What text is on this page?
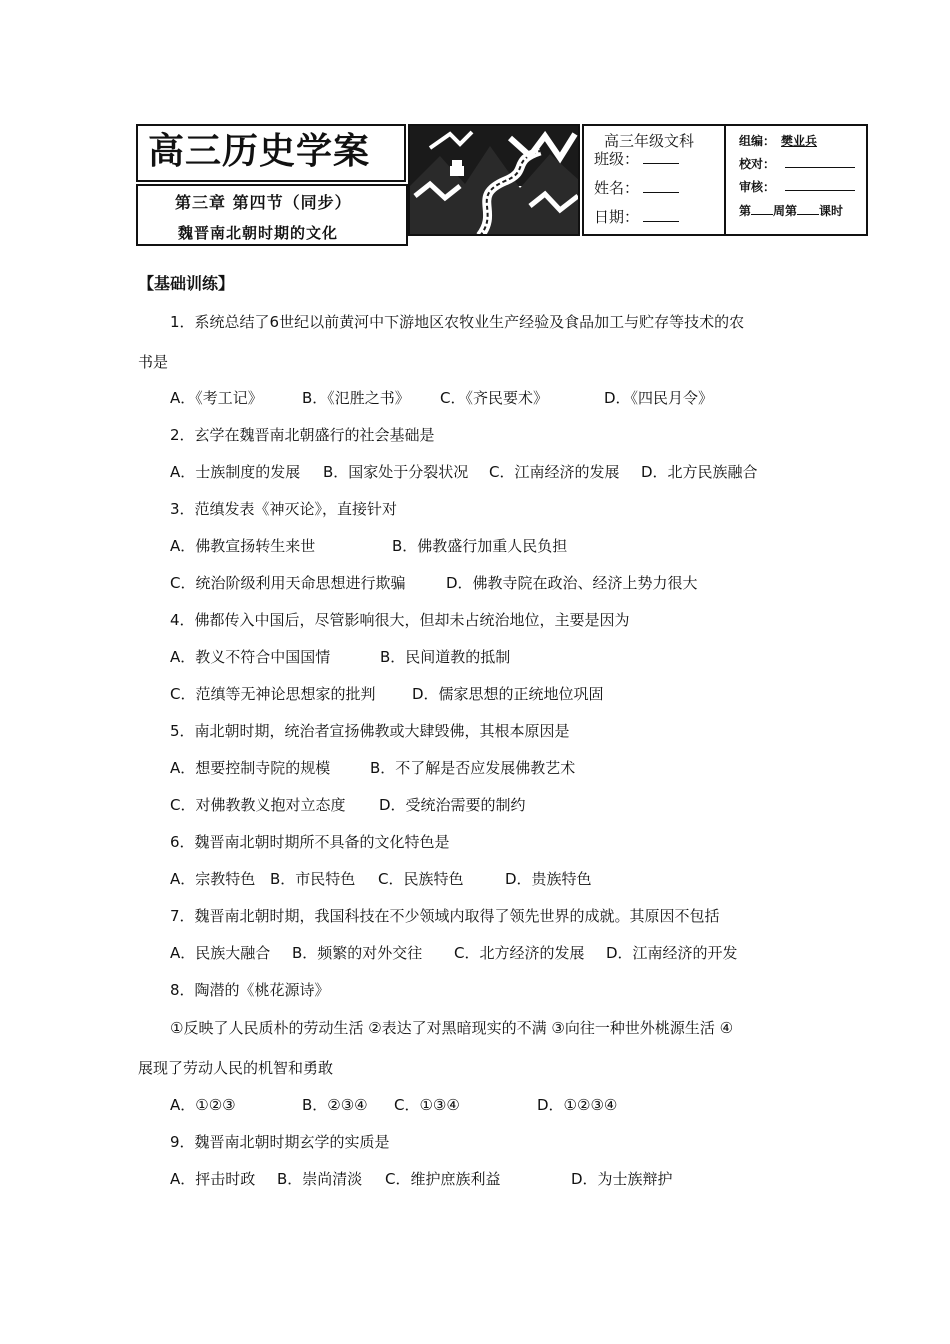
高三历史学案
第三章 第四节（同步）
魏晋南北朝时期的文化
高三年级文科
班级：
姓名：
日期：
组编： 樊业兵
校对：
审核：
第 周第 课时
【基础训练】
1．系统总结了6世纪以前黄河中下游地区农牧业生产经验及食品加工与贮存等技术的农
书是
A．《考工记》	B．《氾胜之书》 C．《齐民要术》	D．《四民月令》
2．玄学在魏晋南北朝盛行的社会基础是
A．士族制度的发展 B．国家处于分裂状况 C．江南经济的发展 D．北方民族融合
3．范缜发表《神灭论》，直接针对
A．佛教宣扬转生来世	B．佛教盛行加重人民负担
C．统治阶级利用天命思想进行欺骗	D．佛教寺院在政治、经济上势力很大
4．佛都传入中国后，尽管影响很大，但却未占统治地位，主要是因为
A．教义不符合中国国情	B．民间道教的抵制
C．范缜等无神论思想家的批判 D．儒家思想的正统地位巩固
5．南北朝时期，统治者宣扬佛教或大肆毁佛，其根本原因是
A．想要控制寺院的规模	B．不了解是否应发展佛教艺术
C．对佛教教义抱对立态度 D．受统治需要的制约
6．魏晋南北朝时期所不具备的文化特色是
A．宗教特色 B．市民特色 C．民族特色	D．贵族特色
7．魏晋南北朝时期，我国科技在不少领域内取得了领先世界的成就。其原因不包括
A．民族大融合 B．频繁的对外交往 C．北方经济的发展 D．江南经济的开发
8．陶潜的《桃花源诗》
①反映了人民质朴的劳动生活 ②表达了对黑暗现实的不满 ③向往一种世外桃源生活 ④
展现了劳动人民的机智和勇敢
A．①②③	B．②③④ C．①③④	D．①②③④
9．魏晋南北朝时期玄学的实质是
A．抨击时政 B．崇尚清淡 C．维护庶族利益	D．为士族辩护
